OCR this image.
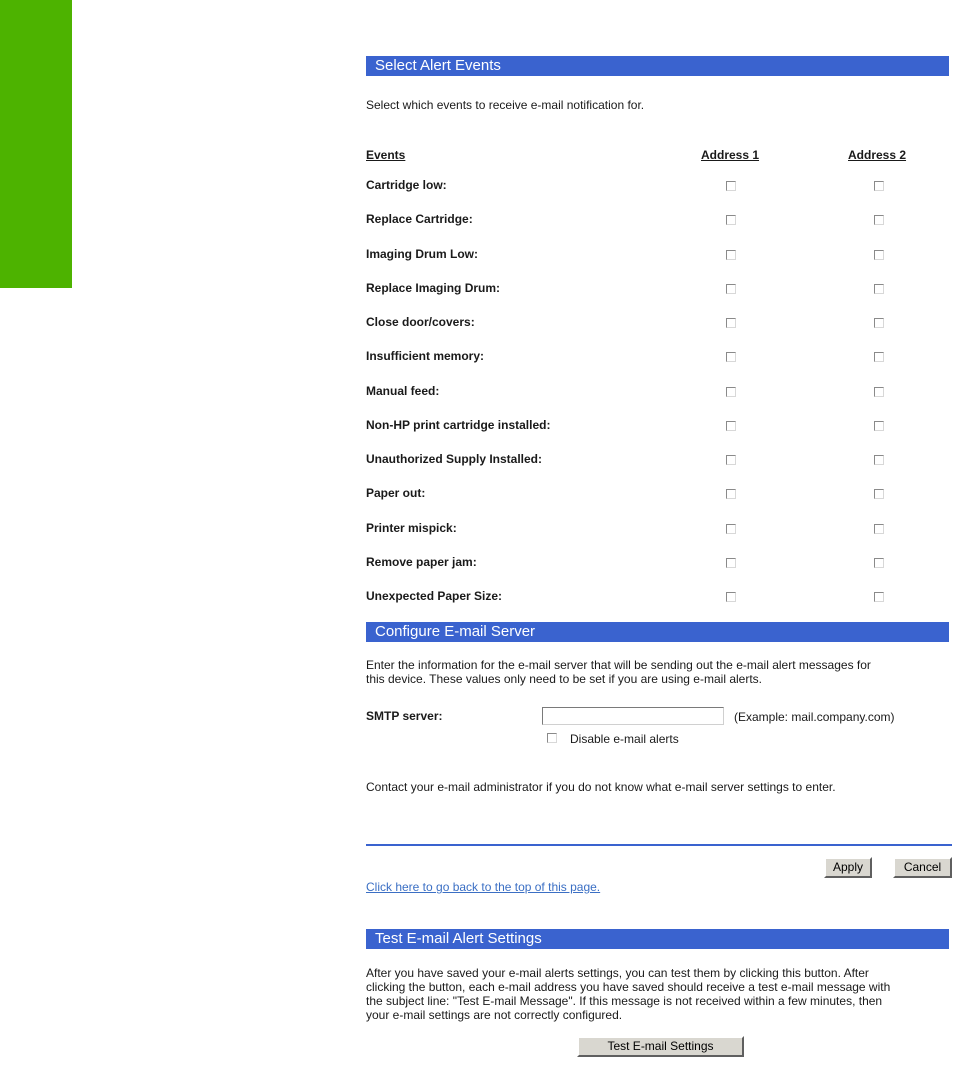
Select Alert Events
Select which events to receive e-mail notification for.
Events	Address 1	Address 2
Cartridge low:
Replace Cartridge:
Imaging Drum Low:
Replace Imaging Drum:
Close door/covers:
Insufficient memory:
Manual feed:
Non-HP print cartridge installed:
Unauthorized Supply Installed:
Paper out:
Printer mispick:
Remove paper jam:
Unexpected Paper Size:
Configure E-mail Server
Enter the information for the e-mail server that will be sending out the e-mail alert messages for
this device. These values only need to be set if you are using e-mail alerts.
SMTP server:	(Example: mail.company.com)
Disable e-mail alerts
Contact your e-mail administrator if you do not know what e-mail server settings to enter.
Apply	Cancel
Click here to go back to the top of this page.
Test E-mail Alert Settings
After you have saved your e-mail alerts settings, you can test them by clicking this button. After
clicking the button, each e-mail address you have saved should receive a test e-mail message with
the subject line: "Test E-mail Message". If this message is not received within a few minutes, then
your e-mail settings are not correctly configured.
Test E-mail Settings
